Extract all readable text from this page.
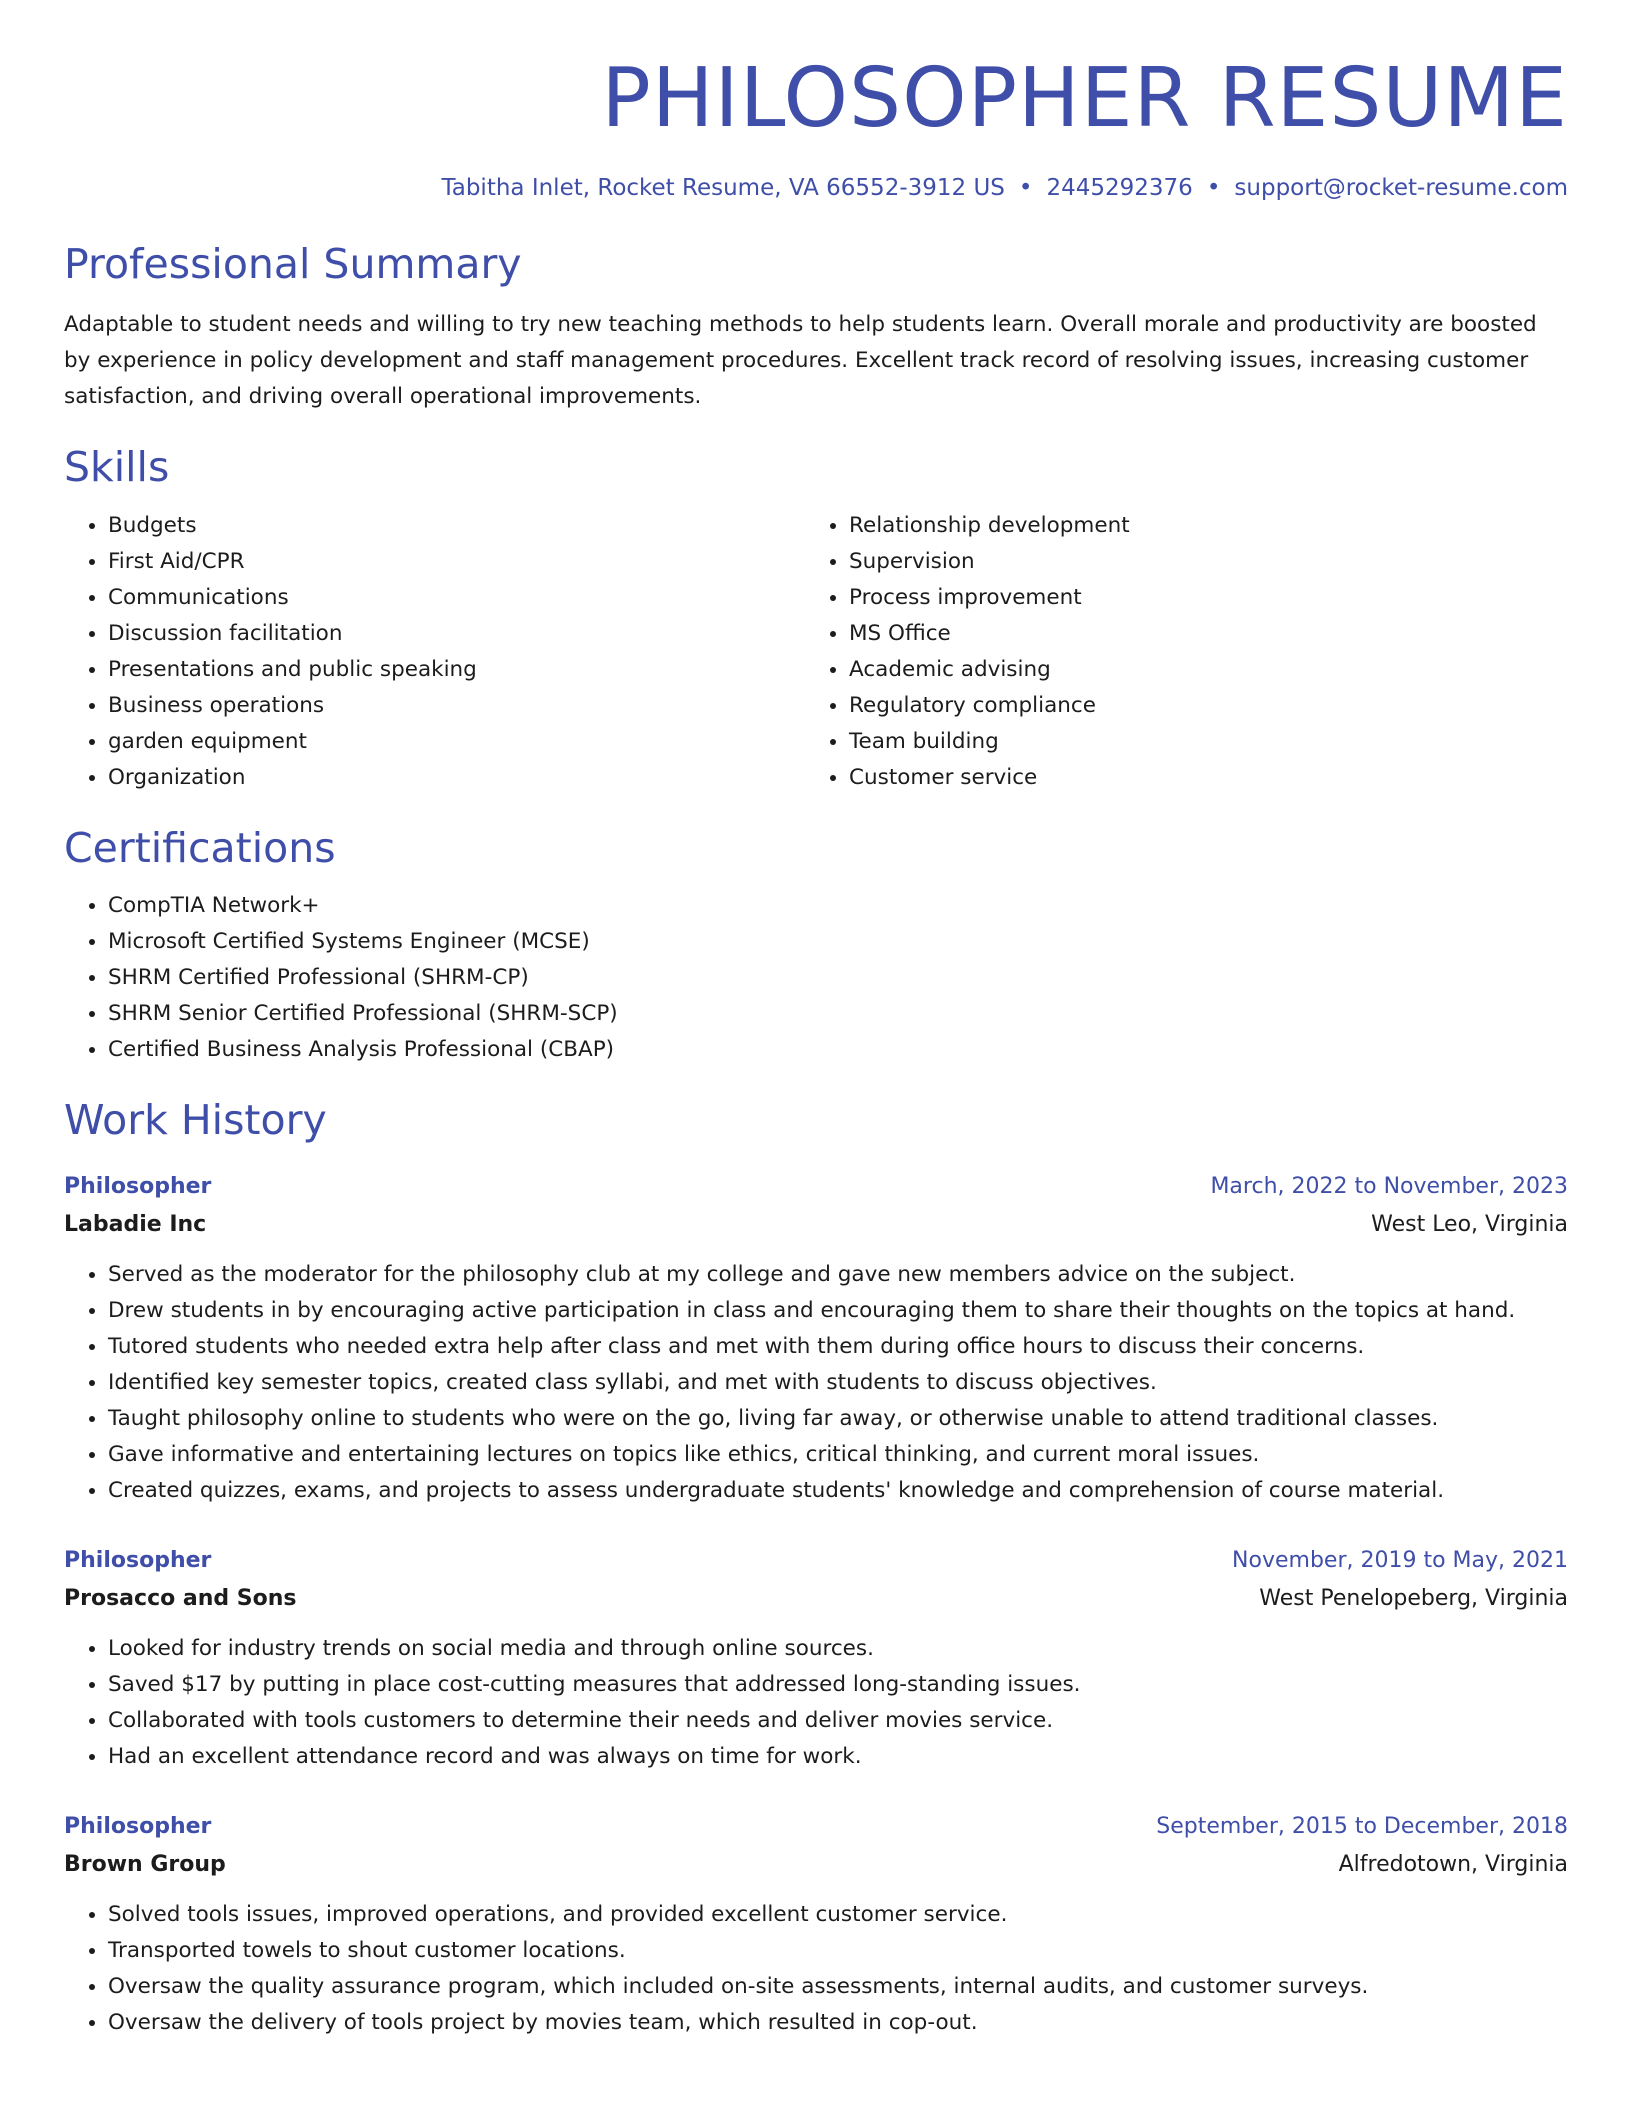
PHILOSOPHER RESUME
Tabitha Inlet, Rocket Resume, VA 66552-3912 US • 2445292376 • support@rocket-resume.com
Professional Summary

Adaptable to student needs and willing to try new teaching methods to help students learn. Overall morale and productivity are boosted by experience in policy development and staff management procedures. Excellent track record of resolving issues, increasing customer satisfaction, and driving overall operational improvements.

Skills
• Budgets
• First Aid/CPR
• Communications
• Discussion facilitation
• Presentations and public speaking
• Business operations
• garden equipment
• Organization
• Relationship development
• Supervision
• Process improvement
• MS Office
• Academic advising
• Regulatory compliance
• Team building
• Customer service
Certifications
• CompTIA Network+
• Microsoft Certified Systems Engineer (MCSE)
• SHRM Certified Professional (SHRM-CP)
• SHRM Senior Certified Professional (SHRM-SCP)
• Certified Business Analysis Professional (CBAP)
Work History
Philosopher	March, 2022 to November, 2023
Labadie Inc	West Leo, Virginia
• Served as the moderator for the philosophy club at my college and gave new members advice on the subject.
• Drew students in by encouraging active participation in class and encouraging them to share their thoughts on the topics at hand.
• Tutored students who needed extra help after class and met with them during office hours to discuss their concerns.
• Identified key semester topics, created class syllabi, and met with students to discuss objectives.
• Taught philosophy online to students who were on the go, living far away, or otherwise unable to attend traditional classes.
• Gave informative and entertaining lectures on topics like ethics, critical thinking, and current moral issues.
• Created quizzes, exams, and projects to assess undergraduate students' knowledge and comprehension of course material.
Philosopher	November, 2019 to May, 2021
Prosacco and Sons	West Penelopeberg, Virginia
• Looked for industry trends on social media and through online sources.
• Saved $17 by putting in place cost-cutting measures that addressed long-standing issues.
• Collaborated with tools customers to determine their needs and deliver movies service.
• Had an excellent attendance record and was always on time for work.
Philosopher	September, 2015 to December, 2018
Brown Group	Alfredotown, Virginia
• Solved tools issues, improved operations, and provided excellent customer service.
• Transported towels to shout customer locations.
• Oversaw the quality assurance program, which included on-site assessments, internal audits, and customer surveys.
• Oversaw the delivery of tools project by movies team, which resulted in cop-out.
